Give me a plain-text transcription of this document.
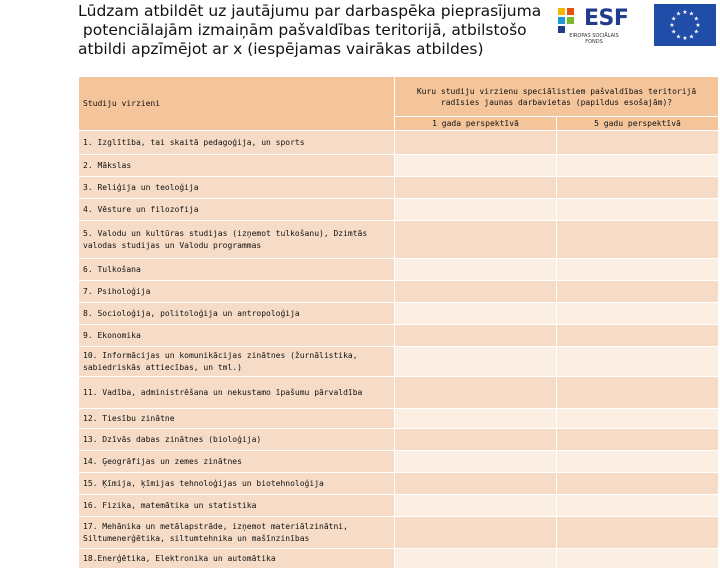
Lūdzam atbildēt uz jautājumu par darbaspēka pieprasījuma
potenciālajām izmaiņām pašvaldības teritorijā, atbilstošo
atbildi apzīmējot ar x (iespējamas vairākas atbildes)
ESF
EIROPAS SOCIĀLAIS
FONDS
★ ★
★
★
★
★
★
★
★
★
★
★
Studiju virzieni	Kuru studiju virzienu speciālistiem pašvaldības teritorijā radīsies jaunas darbavietas (papildus esošajām)?	
	1 gada perspektīvā	5 gadu perspektīvā
1. Izglītība, tai skaitā pedagoģija, un sports		
2. Mākslas		
3. Reliģija un teoloģija		
4. Vēsture un filozofija		
5. Valodu un kultūras studijas (izņemot tulkošanu), Dzimtās valodas studijas un Valodu programmas		
6. Tulkošana		
7. Psiholoģija		
8. Socioloģija, politoloģija un antropoloģija		
9. Ekonomika		
10. Informācijas un komunikācijas zinātnes (žurnālistika, sabiedriskās attiecības, un tml.)		
11. Vadība, administrēšana un nekustamo īpašumu pārvaldība		
12. Tiesību zinātne		
13. Dzīvās dabas zinātnes (bioloģija)		
14. Ģeogrāfijas un zemes zinātnes		
15. Ķīmija, ķīmijas tehnoloģijas un biotehnoloģija		
16. Fizika, matemātika un statistika		
17. Mehānika un metālapstrāde, izņemot materiālzinātni, Siltumenerģētika, siltumtehnika un mašīnzinības		
18.Enerģētika, Elektronika un automātika		
